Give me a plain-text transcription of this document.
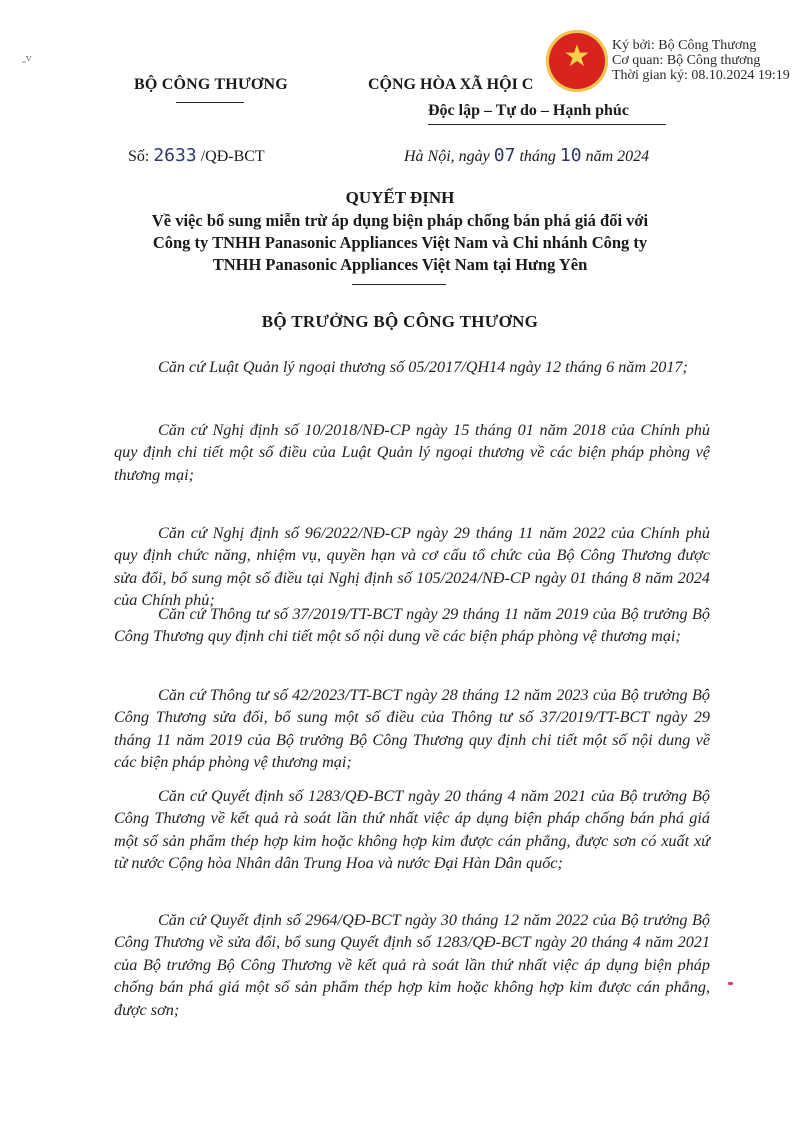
-ⱽ	★	Ký bởi: Bộ Công Thương
Cơ quan: Bộ Công thương
Thời gian ký: 08.10.2024 19:19
BỘ CÔNG THƯƠNG	CỘNG HÒA XÃ HỘI C
Độc lập – Tự do – Hạnh phúc
Số: 2633 /QĐ-BCT	Hà Nội, ngày 07 tháng 10 năm 2024
QUYẾT ĐỊNH
Về việc bổ sung miễn trừ áp dụng biện pháp chống bán phá giá đối với
Công ty TNHH Panasonic Appliances Việt Nam và Chi nhánh Công ty
TNHH Panasonic Appliances Việt Nam tại Hưng Yên
BỘ TRƯỞNG BỘ CÔNG THƯƠNG
Căn cứ Luật Quản lý ngoại thương số 05/2017/QH14 ngày 12 tháng 6 năm 2017;
Căn cứ Nghị định số 10/2018/NĐ-CP ngày 15 tháng 01 năm 2018 của Chính phủ quy định chi tiết một số điều của Luật Quản lý ngoại thương về các biện pháp phòng vệ thương mại;
Căn cứ Nghị định số 96/2022/NĐ-CP ngày 29 tháng 11 năm 2022 của Chính phủ quy định chức năng, nhiệm vụ, quyền hạn và cơ cấu tổ chức của Bộ Công Thương được sửa đổi, bổ sung một số điều tại Nghị định số 105/2024/NĐ-CP ngày 01 tháng 8 năm 2024 của Chính phủ;
Căn cứ Thông tư số 37/2019/TT-BCT ngày 29 tháng 11 năm 2019 của Bộ trưởng Bộ Công Thương quy định chi tiết một số nội dung về các biện pháp phòng vệ thương mại;
Căn cứ Thông tư số 42/2023/TT-BCT ngày 28 tháng 12 năm 2023 của Bộ trưởng Bộ Công Thương sửa đổi, bổ sung một số điều của Thông tư số 37/2019/TT-BCT ngày 29 tháng 11 năm 2019 của Bộ trưởng Bộ Công Thương quy định chi tiết một số nội dung về các biện pháp phòng vệ thương mại;
Căn cứ Quyết định số 1283/QĐ-BCT ngày 20 tháng 4 năm 2021 của Bộ trưởng Bộ Công Thương về kết quả rà soát lần thứ nhất việc áp dụng biện pháp chống bán phá giá một số sản phẩm thép hợp kim hoặc không hợp kim được cán phẳng, được sơn có xuất xứ từ nước Cộng hòa Nhân dân Trung Hoa và nước Đại Hàn Dân quốc;
Căn cứ Quyết định số 2964/QĐ-BCT ngày 30 tháng 12 năm 2022 của Bộ trưởng Bộ Công Thương về sửa đổi, bổ sung Quyết định số 1283/QĐ-BCT ngày 20 tháng 4 năm 2021 của Bộ trưởng Bộ Công Thương về kết quả rà soát lần thứ nhất việc áp dụng biện pháp chống bán phá giá một số sản phẩm thép hợp kim hoặc không hợp kim được cán phẳng, được sơn;
